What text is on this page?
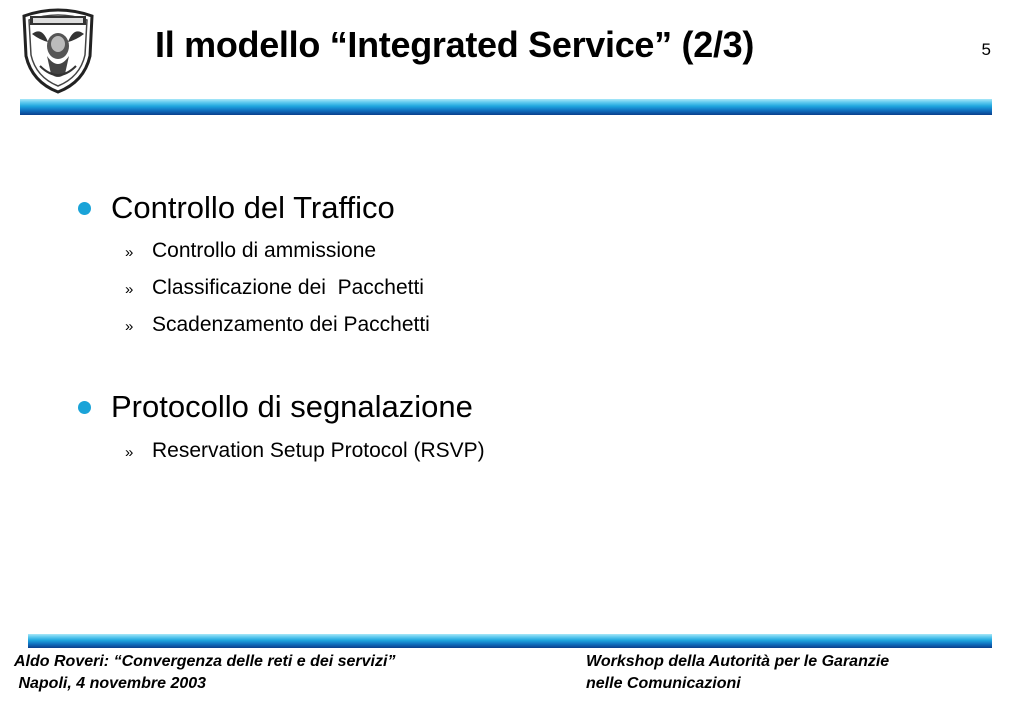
Il modello “Integrated Service” (2/3)	5
Controllo del Traffico
» Controllo di ammissione
» Classificazione dei  Pacchetti
» Scadenzamento dei Pacchetti
Protocollo di segnalazione
» Reservation Setup Protocol (RSVP)
Aldo Roveri: “Convergenza delle reti e dei servizi”
Napoli, 4 novembre 2003
Workshop della Autorità per le Garanzie
nelle Comunicazioni
